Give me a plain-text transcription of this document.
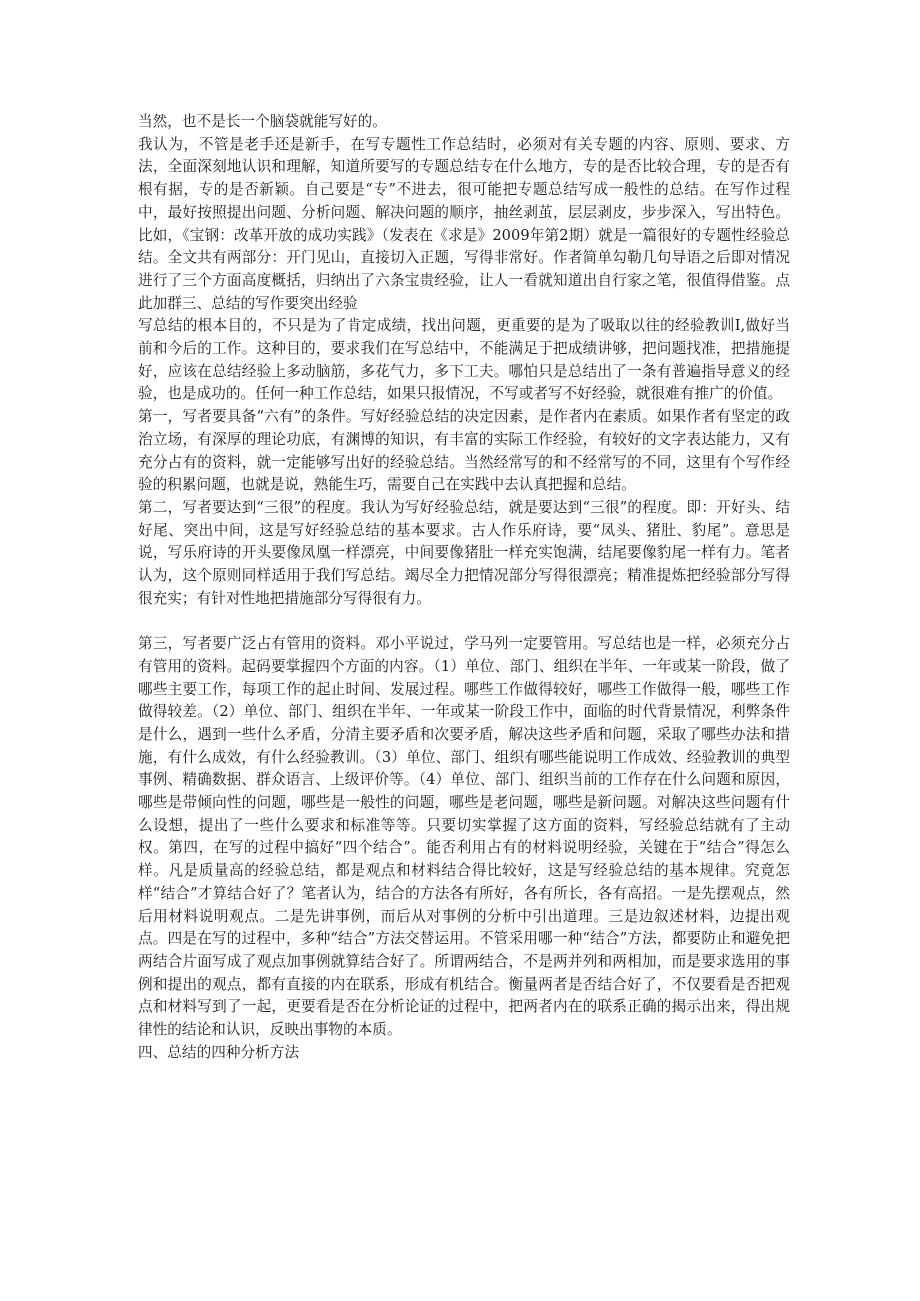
当然，也不是长一个脑袋就能写好的。

我认为，不管是老手还是新手，在写专题性工作总结时，必须对有关专题的内容、原则、要求、方法，全面深刻地认识和理解，知道所要写的专题总结专在什么地方，专的是否比较合理，专的是否有根有据，专的是否新颖。自己要是“专”不进去，很可能把专题总结写成一般性的总结。在写作过程中，最好按照提出问题、分析问题、解决问题的顺序，抽丝剥茧，层层剥皮，步步深入，写出特色。比如，《宝钢：改革开放的成功实践》（发表在《求是》2009年第2期）就是一篇很好的专题性经验总结。全文共有两部分：开门见山，直接切入正题，写得非常好。作者简单勾勒几句导语之后即对情况进行了三个方面高度概括，归纳出了六条宝贵经验，让人一看就知道出自行家之笔，很值得借鉴。点此加群三、总结的写作要突出经验

写总结的根本目的，不只是为了肯定成绩，找出问题，更重要的是为了吸取以往的经验教训I,做好当前和今后的工作。这种目的，要求我们在写总结中，不能满足于把成绩讲够，把问题找准，把措施提好，应该在总结经验上多动脑筋，多花气力，多下工夫。哪怕只是总结出了一条有普遍指导意义的经验，也是成功的。任何一种工作总结，如果只报情况，不写或者写不好经验，就很难有推广的价值。

第一，写者要具备“六有”的条件。写好经验总结的决定因素，是作者内在素质。如果作者有坚定的政治立场，有深厚的理论功底，有渊博的知识，有丰富的实际工作经验，有较好的文字表达能力，又有充分占有的资料，就一定能够写出好的经验总结。当然经常写的和不经常写的不同，这里有个写作经验的积累问题，也就是说，熟能生巧，需要自己在实践中去认真把握和总结。

第二，写者要达到“三很”的程度。我认为写好经验总结，就是要达到“三很”的程度。即：开好头、结好尾、突出中间，这是写好经验总结的基本要求。古人作乐府诗，要“凤头、猪肚、豹尾”。意思是说，写乐府诗的开头要像凤凰一样漂亮，中间要像猪肚一样充实饱满，结尾要像豹尾一样有力。笔者认为，这个原则同样适用于我们写总结。竭尽全力把情况部分写得很漂亮；精准提炼把经验部分写得很充实；有针对性地把措施部分写得很有力。

第三，写者要广泛占有管用的资料。邓小平说过，学马列一定要管用。写总结也是一样，必须充分占有管用的资料。起码要掌握四个方面的内容。（1）单位、部门、组织在半年、一年或某一阶段，做了哪些主要工作，每项工作的起止时间、发展过程。哪些工作做得较好，哪些工作做得一般，哪些工作做得较差。（2）单位、部门、组织在半年、一年或某一阶段工作中，面临的时代背景情况，利弊条件是什么，遇到一些什么矛盾，分清主要矛盾和次要矛盾，解决这些矛盾和问题，采取了哪些办法和措施，有什么成效，有什么经验教训。（3）单位、部门、组织有哪些能说明工作成效、经验教训的典型事例、精确数据、群众语言、上级评价等。（4）单位、部门、组织当前的工作存在什么问题和原因，哪些是带倾向性的问题，哪些是一般性的问题，哪些是老问题，哪些是新问题。对解决这些问题有什么设想，提出了一些什么要求和标准等等。只要切实掌握了这方面的资料，写经验总结就有了主动权。第四，在写的过程中搞好“四个结合”。能否利用占有的材料说明经验，关键在于“结合”得怎么样。凡是质量高的经验总结，都是观点和材料结合得比较好，这是写经验总结的基本规律。究竟怎样“结合”才算结合好了？笔者认为，结合的方法各有所好，各有所长，各有高招。一是先摆观点，然后用材料说明观点。二是先讲事例，而后从对事例的分析中引出道理。三是边叙述材料，边提出观点。四是在写的过程中，多种“结合”方法交替运用。不管采用哪一种“结合”方法，都要防止和避免把两结合片面写成了观点加事例就算结合好了。所谓两结合，不是两并列和两相加，而是要求选用的事例和提出的观点，都有直接的内在联系，形成有机结合。衡量两者是否结合好了，不仅要看是否把观点和材料写到了一起，更要看是否在分析论证的过程中，把两者内在的联系正确的揭示出来，得出规律性的结论和认识，反映出事物的本质。

四、总结的四种分析方法
